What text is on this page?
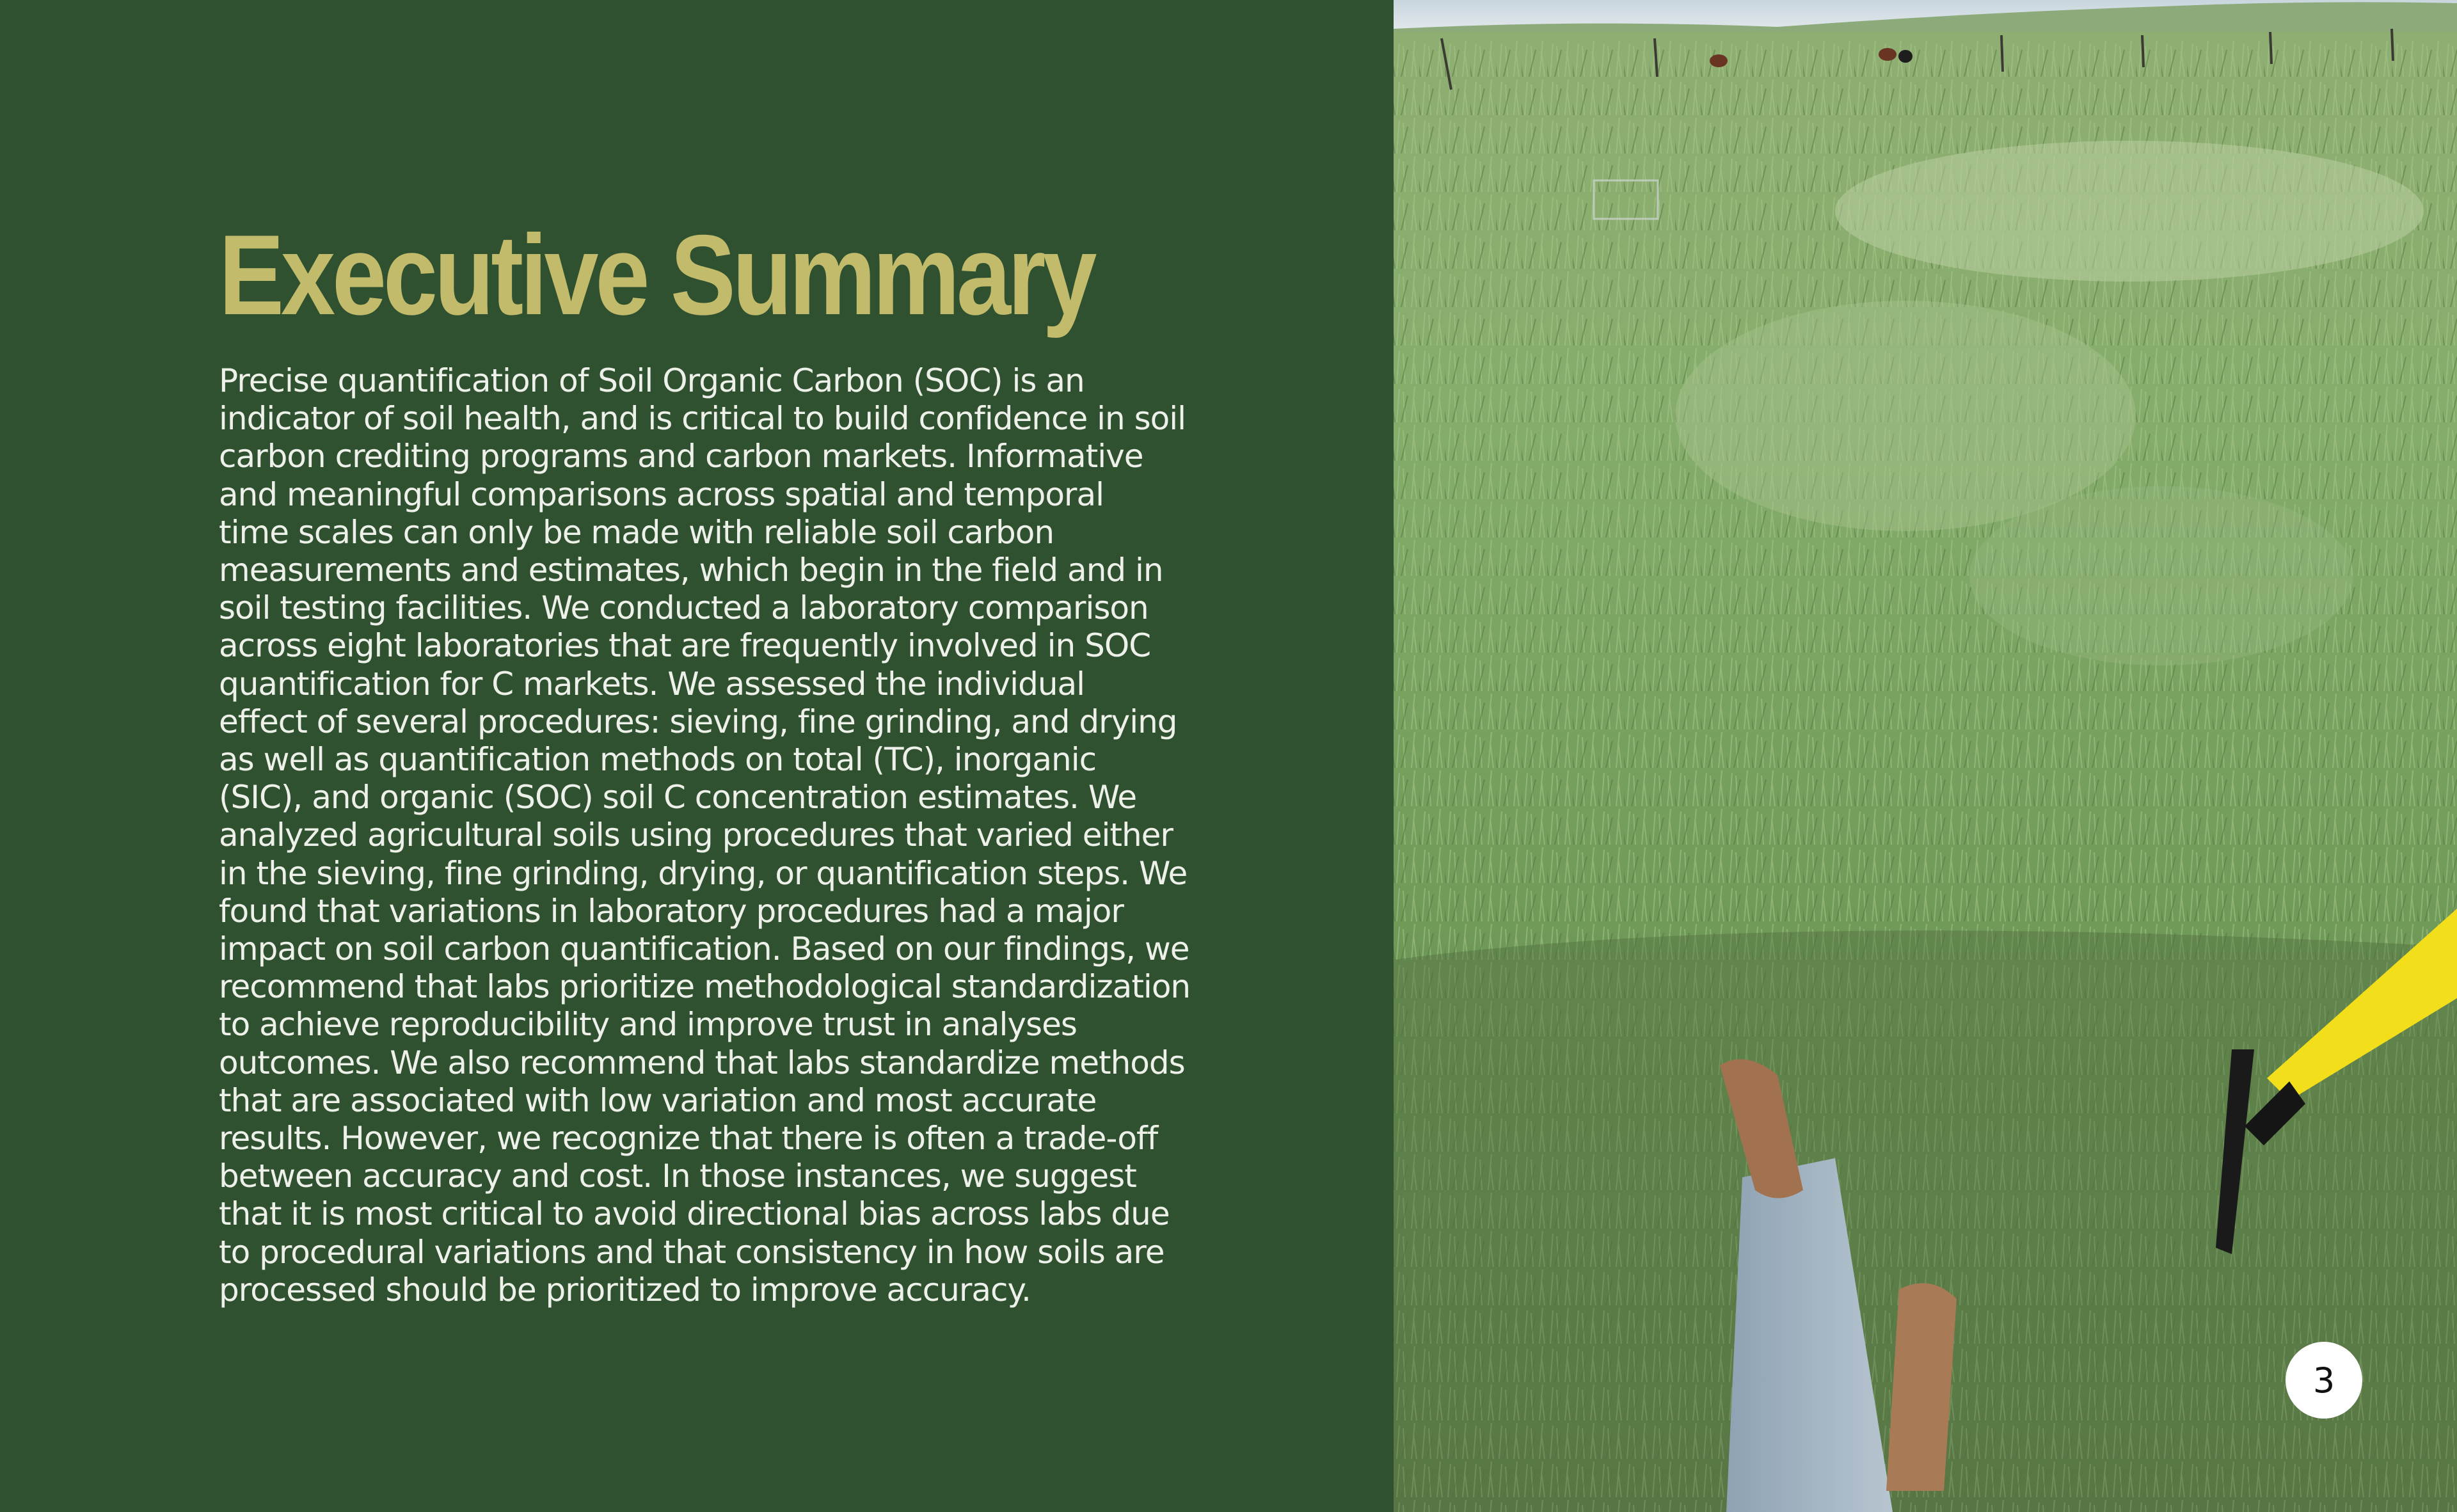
Executive Summary

Precise quantification of Soil Organic Carbon (SOC) is an
indicator of soil health, and is critical to build confidence in soil
carbon crediting programs and carbon markets. Informative
and meaningful comparisons across spatial and temporal
time scales can only be made with reliable soil carbon
measurements and estimates, which begin in the field and in
soil testing facilities. We conducted a laboratory comparison
across eight laboratories that are frequently involved in SOC
quantification for C markets. We assessed the individual
effect of several procedures: sieving, fine grinding, and drying
as well as quantification methods on total (TC), inorganic
(SIC), and organic (SOC) soil C concentration estimates. We
analyzed agricultural soils using procedures that varied either
in the sieving, fine grinding, drying, or quantification steps. We
found that variations in laboratory procedures had a major
impact on soil carbon quantification. Based on our findings, we
recommend that labs prioritize methodological standardization
to achieve reproducibility and improve trust in analyses
outcomes. We also recommend that labs standardize methods
that are associated with low variation and most accurate
results. However, we recognize that there is often a trade-off
between accuracy and cost. In those instances, we suggest
that it is most critical to avoid directional bias across labs due
to procedural variations and that consistency in how soils are
processed should be prioritized to improve accuracy.

3
